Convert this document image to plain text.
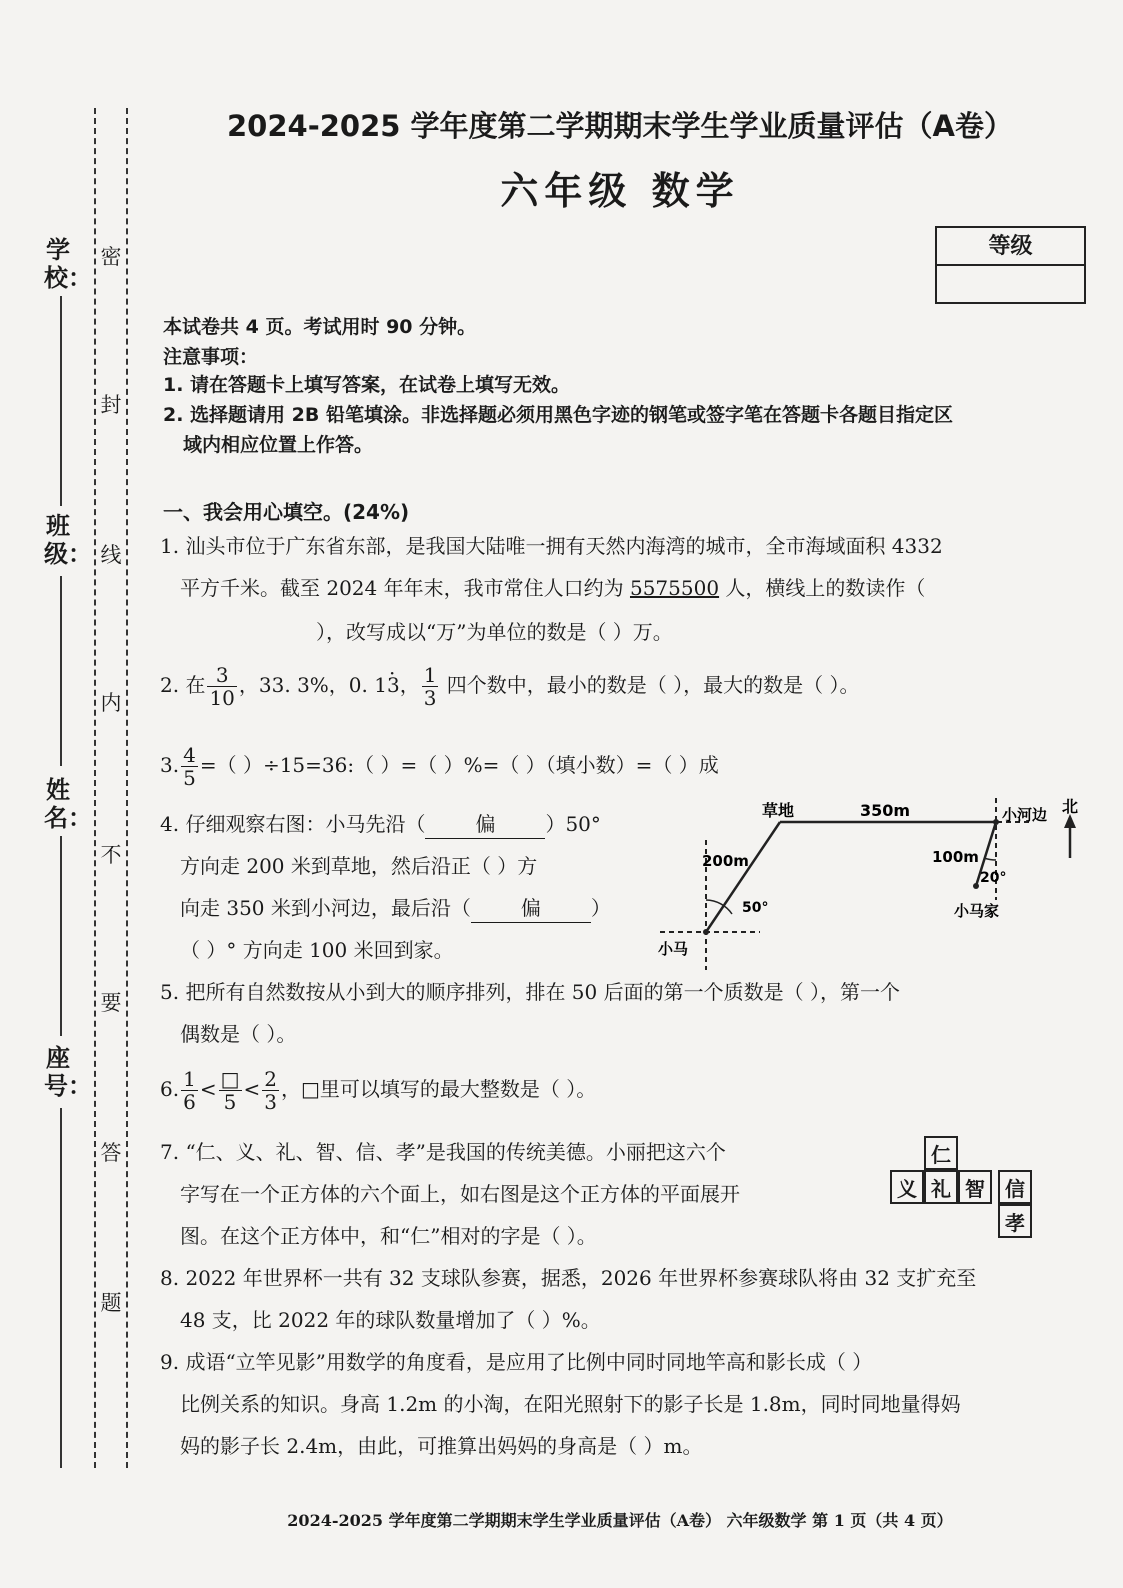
学校：
班级：
姓名：
座号：
密
封
线
内
不
要
答
题
2024-2025 学年度第二学期期末学生学业质量评估（A卷）
六年级 数学
等级
本试卷共 4 页。考试用时 90 分钟。
注意事项：
1. 请在答题卡上填写答案，在试卷上填写无效。
2. 选择题请用 2B 铅笔填涂。非选择题必须用黑色字迹的钢笔或签字笔在答题卡各题目指定区
域内相应位置上作答。
一、我会用心填空。(24%)
1. 汕头市位于广东省东部，是我国大陆唯一拥有天然内海湾的城市，全市海域面积 4332
平方千米。截至 2024 年年末，我市常住人口约为 5575500 人，横线上的数读作（
），改写成以“万”为单位的数是（ ）万。
2. 在 $\frac{3}{10}$ ，33. 3%，0. 1· 3， $\frac{1}{3}$ 四个数中，最小的数是（ ），最大的数是（ ）。
3. $\frac{4}{5}$ =（ ）÷15=36:（ ）=（ ）%=（ ）（填小数）=（ ）成
4. 仔细观察右图：小马先沿（	偏	）50°
方向走 200 米到草地，然后沿正（ ）方
向走 350 米到小河边，最后沿（	偏	）
（ ）° 方向走 100 米回到家。
草地	350m	小河边 北
200m	100m
20°
50°
小马
小马家
5. 把所有自然数按从小到大的顺序排列，排在 50 后面的第一个质数是（ ），第一个
偶数是（ ）。
6. $\frac{1}{6} < \frac{□}{5} < \frac{2}{3}$ ，□里可以填写的最大整数是（ ）。
7. “仁、义、礼、智、信、孝”是我国的传统美德。小丽把这六个
字写在一个正方体的六个面上，如右图是这个正方体的平面展开
图。在这个正方体中，和“仁”相对的字是（ ）。
仁
义 礼 智	信
孝
8. 2022 年世界杯一共有 32 支球队参赛，据悉，2026 年世界杯参赛球队将由 32 支扩充至
48 支，比 2022 年的球队数量增加了（ ）%。
9. 成语“立竿见影”用数学的角度看，是应用了比例中同时同地竿高和影长成（ ）
比例关系的知识。身高 1.2m 的小淘，在阳光照射下的影子长是 1.8m，同时同地量得妈
妈的影子长 2.4m，由此，可推算出妈妈的身高是（ ）m。
2024-2025 学年度第二学期期末学生学业质量评估（A卷） 六年级数学 第 1 页（共 4 页）
